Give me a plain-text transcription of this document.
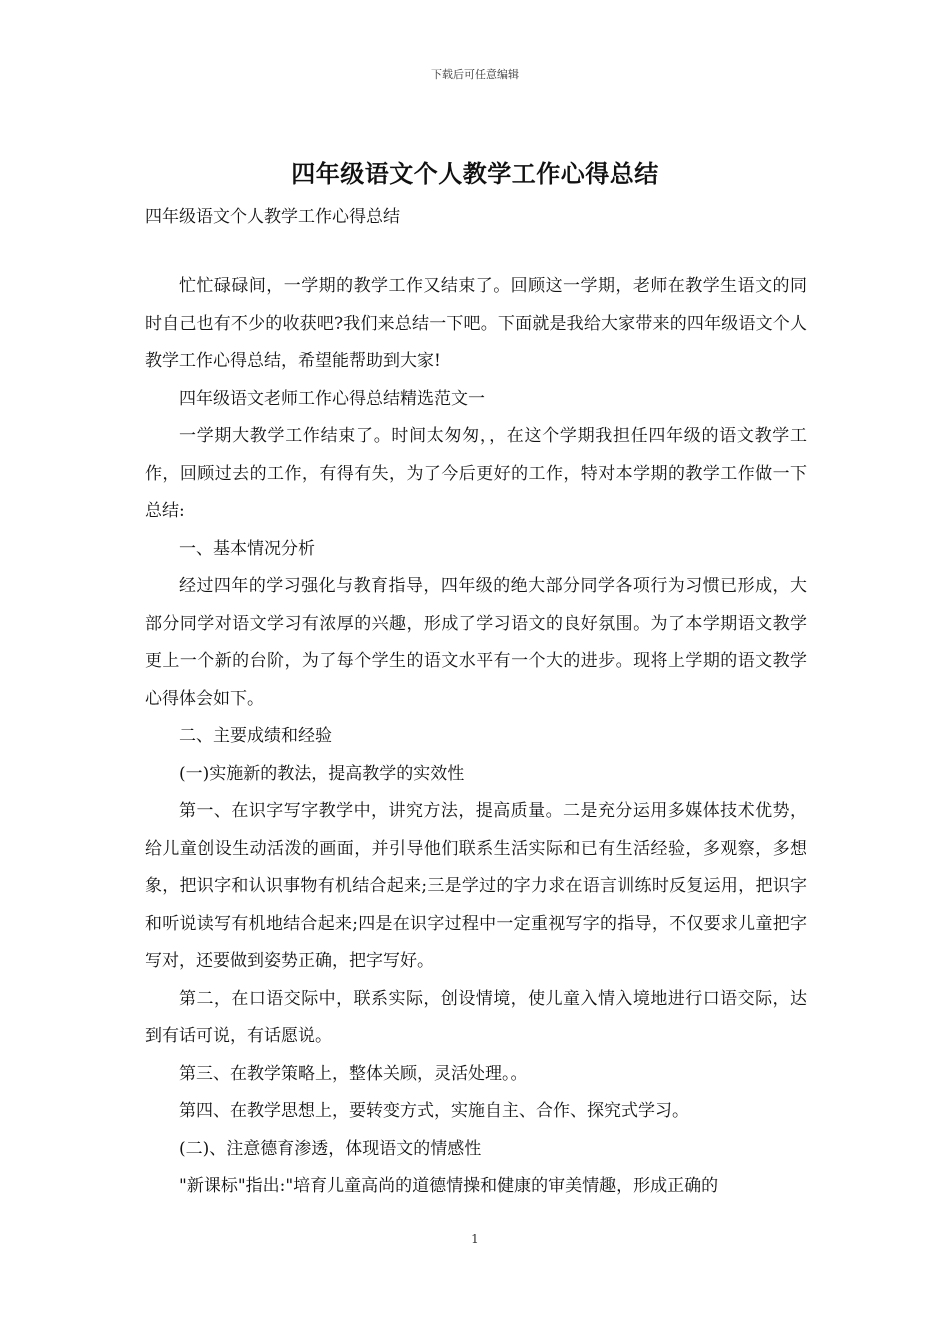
下载后可任意编辑
四年级语文个人教学工作心得总结
四年级语文个人教学工作心得总结

忙忙碌碌间，一学期的教学工作又结束了。回顾这一学期，老师在教学生语文的同时自己也有不少的收获吧?我们来总结一下吧。下面就是我给大家带来的四年级语文个人教学工作心得总结，希望能帮助到大家!

四年级语文老师工作心得总结精选范文一

一学期大教学工作结束了。时间太匆匆，，在这个学期我担任四年级的语文教学工作，回顾过去的工作，有得有失，为了今后更好的工作，特对本学期的教学工作做一下总结:

一、基本情况分析

经过四年的学习强化与教育指导，四年级的绝大部分同学各项行为习惯已形成，大部分同学对语文学习有浓厚的兴趣，形成了学习语文的良好氛围。为了本学期语文教学更上一个新的台阶，为了每个学生的语文水平有一个大的进步。现将上学期的语文教学心得体会如下。

二、主要成绩和经验

(一)实施新的教法，提高教学的实效性

第一、在识字写字教学中，讲究方法，提高质量。二是充分运用多媒体技术优势，给儿童创设生动活泼的画面，并引导他们联系生活实际和已有生活经验，多观察，多想象，把识字和认识事物有机结合起来;三是学过的字力求在语言训练时反复运用，把识字和听说读写有机地结合起来;四是在识字过程中一定重视写字的指导，不仅要求儿童把字写对，还要做到姿势正确，把字写好。

第二，在口语交际中，联系实际，创设情境，使儿童入情入境地进行口语交际，达到有话可说，有话愿说。

第三、在教学策略上，整体关顾，灵活处理。。

第四、在教学思想上，要转变方式，实施自主、合作、探究式学习。

(二)、注意德育渗透，体现语文的情感性

"新课标"指出:"培育儿童高尚的道德情操和健康的审美情趣，形成正确的

1
